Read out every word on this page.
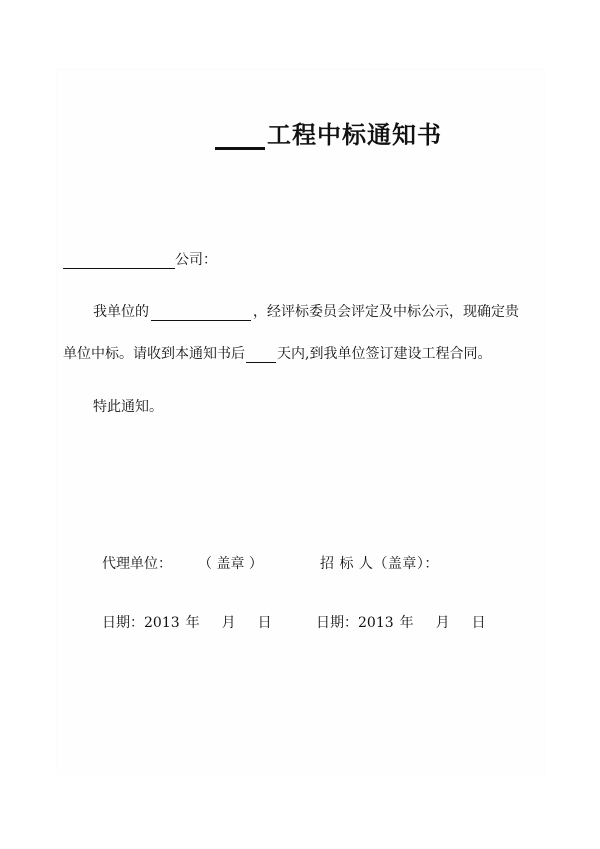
工程中标通知书
公司：
我单位的	，经评标委员会评定及中标公示，现确定贵
单位中标。请收到本通知书后 天内,到我单位签订建设工程合同。
特此通知。
代理单位： （ 盖章 ）	招 标 人（盖章）：
日期：2013 年 月 日	日期：2013 年 月 日
